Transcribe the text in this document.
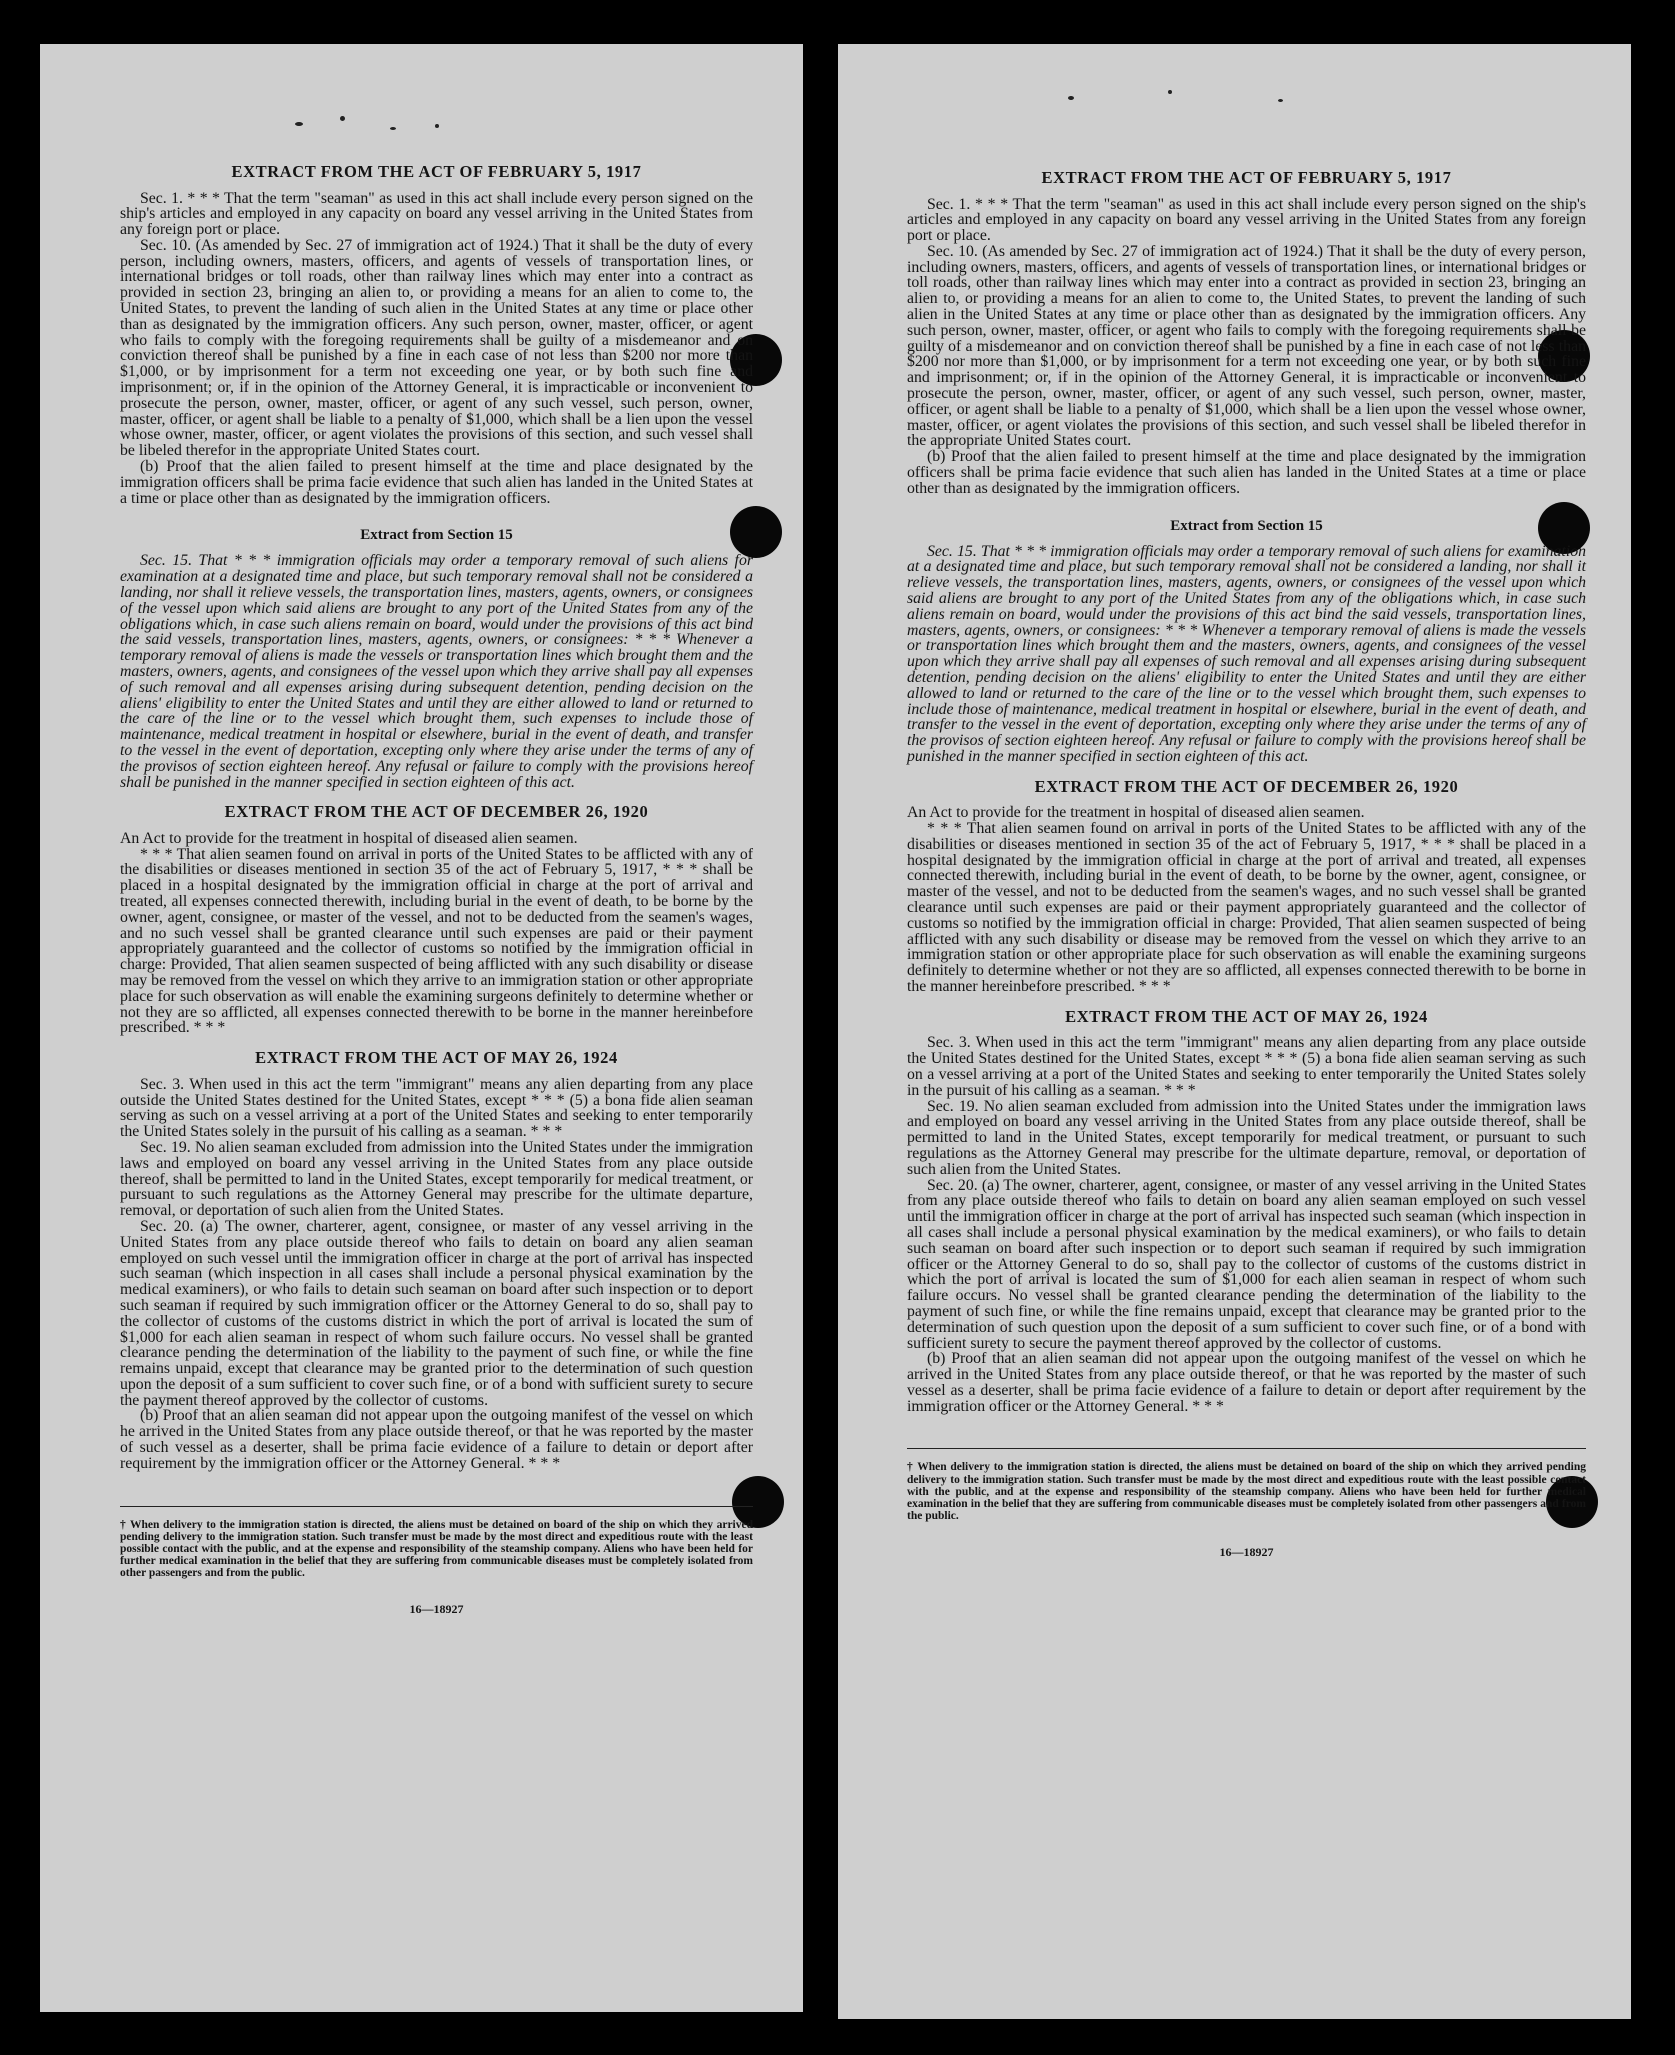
EXTRACT FROM THE ACT OF FEBRUARY 5, 1917

Sec. 1. * * * That the term "seaman" as used in this act shall include every person signed on the ship's articles and employed in any capacity on board any vessel arriving in the United States from any foreign port or place.

Sec. 10. (As amended by Sec. 27 of immigration act of 1924.) That it shall be the duty of every person, including owners, masters, officers, and agents of vessels of transportation lines, or international bridges or toll roads, other than railway lines which may enter into a contract as provided in section 23, bringing an alien to, or providing a means for an alien to come to, the United States, to prevent the landing of such alien in the United States at any time or place other than as designated by the immigration officers. Any such person, owner, master, officer, or agent who fails to comply with the foregoing requirements shall be guilty of a misdemeanor and on conviction thereof shall be punished by a fine in each case of not less than $200 nor more than $1,000, or by imprisonment for a term not exceeding one year, or by both such fine and imprisonment; or, if in the opinion of the Attorney General, it is impracticable or inconvenient to prosecute the person, owner, master, officer, or agent of any such vessel, such person, owner, master, officer, or agent shall be liable to a penalty of $1,000, which shall be a lien upon the vessel whose owner, master, officer, or agent violates the provisions of this section, and such vessel shall be libeled therefor in the appropriate United States court.

(b) Proof that the alien failed to present himself at the time and place designated by the immigration officers shall be prima facie evidence that such alien has landed in the United States at a time or place other than as designated by the immigration officers.

Extract from Section 15

Sec. 15. That * * * immigration officials may order a temporary removal of such aliens for examination at a designated time and place, but such temporary removal shall not be considered a landing, nor shall it relieve vessels, the transportation lines, masters, agents, owners, or consignees of the vessel upon which said aliens are brought to any port of the United States from any of the obligations which, in case such aliens remain on board, would under the provisions of this act bind the said vessels, transportation lines, masters, agents, owners, or consignees: * * * Whenever a temporary removal of aliens is made the vessels or transportation lines which brought them and the masters, owners, agents, and consignees of the vessel upon which they arrive shall pay all expenses of such removal and all expenses arising during subsequent detention, pending decision on the aliens' eligibility to enter the United States and until they are either allowed to land or returned to the care of the line or to the vessel which brought them, such expenses to include those of maintenance, medical treatment in hospital or elsewhere, burial in the event of death, and transfer to the vessel in the event of deportation, excepting only where they arise under the terms of any of the provisos of section eighteen hereof. Any refusal or failure to comply with the provisions hereof shall be punished in the manner specified in section eighteen of this act.

EXTRACT FROM THE ACT OF DECEMBER 26, 1920

An Act to provide for the treatment in hospital of diseased alien seamen.

* * * That alien seamen found on arrival in ports of the United States to be afflicted with any of the disabilities or diseases mentioned in section 35 of the act of February 5, 1917, * * * shall be placed in a hospital designated by the immigration official in charge at the port of arrival and treated, all expenses connected therewith, including burial in the event of death, to be borne by the owner, agent, consignee, or master of the vessel, and not to be deducted from the seamen's wages, and no such vessel shall be granted clearance until such expenses are paid or their payment appropriately guaranteed and the collector of customs so notified by the immigration official in charge: Provided, That alien seamen suspected of being afflicted with any such disability or disease may be removed from the vessel on which they arrive to an immigration station or other appropriate place for such observation as will enable the examining surgeons definitely to determine whether or not they are so afflicted, all expenses connected therewith to be borne in the manner hereinbefore prescribed. * * *

EXTRACT FROM THE ACT OF MAY 26, 1924

Sec. 3. When used in this act the term "immigrant" means any alien departing from any place outside the United States destined for the United States, except * * * (5) a bona fide alien seaman serving as such on a vessel arriving at a port of the United States and seeking to enter temporarily the United States solely in the pursuit of his calling as a seaman. * * *

Sec. 19. No alien seaman excluded from admission into the United States under the immigration laws and employed on board any vessel arriving in the United States from any place outside thereof, shall be permitted to land in the United States, except temporarily for medical treatment, or pursuant to such regulations as the Attorney General may prescribe for the ultimate departure, removal, or deportation of such alien from the United States.

Sec. 20. (a) The owner, charterer, agent, consignee, or master of any vessel arriving in the United States from any place outside thereof who fails to detain on board any alien seaman employed on such vessel until the immigration officer in charge at the port of arrival has inspected such seaman (which inspection in all cases shall include a personal physical examination by the medical examiners), or who fails to detain such seaman on board after such inspection or to deport such seaman if required by such immigration officer or the Attorney General to do so, shall pay to the collector of customs of the customs district in which the port of arrival is located the sum of $1,000 for each alien seaman in respect of whom such failure occurs. No vessel shall be granted clearance pending the determination of the liability to the payment of such fine, or while the fine remains unpaid, except that clearance may be granted prior to the determination of such question upon the deposit of a sum sufficient to cover such fine, or of a bond with sufficient surety to secure the payment thereof approved by the collector of customs.

(b) Proof that an alien seaman did not appear upon the outgoing manifest of the vessel on which he arrived in the United States from any place outside thereof, or that he was reported by the master of such vessel as a deserter, shall be prima facie evidence of a failure to detain or deport after requirement by the immigration officer or the Attorney General. * * *

† When delivery to the immigration station is directed, the aliens must be detained on board of the ship on which they arrived pending delivery to the immigration station. Such transfer must be made by the most direct and expeditious route with the least possible contact with the public, and at the expense and responsibility of the steamship company. Aliens who have been held for further medical examination in the belief that they are suffering from communicable diseases must be completely isolated from other passengers and from the public.
16—18927
EXTRACT FROM THE ACT OF FEBRUARY 5, 1917

Sec. 1. * * * That the term "seaman" as used in this act shall include every person signed on the ship's articles and employed in any capacity on board any vessel arriving in the United States from any foreign port or place.

Sec. 10. (As amended by Sec. 27 of immigration act of 1924.) That it shall be the duty of every person, including owners, masters, officers, and agents of vessels of transportation lines, or international bridges or toll roads, other than railway lines which may enter into a contract as provided in section 23, bringing an alien to, or providing a means for an alien to come to, the United States, to prevent the landing of such alien in the United States at any time or place other than as designated by the immigration officers. Any such person, owner, master, officer, or agent who fails to comply with the foregoing requirements shall be guilty of a misdemeanor and on conviction thereof shall be punished by a fine in each case of not less than $200 nor more than $1,000, or by imprisonment for a term not exceeding one year, or by both such fine and imprisonment; or, if in the opinion of the Attorney General, it is impracticable or inconvenient to prosecute the person, owner, master, officer, or agent of any such vessel, such person, owner, master, officer, or agent shall be liable to a penalty of $1,000, which shall be a lien upon the vessel whose owner, master, officer, or agent violates the provisions of this section, and such vessel shall be libeled therefor in the appropriate United States court.

(b) Proof that the alien failed to present himself at the time and place designated by the immigration officers shall be prima facie evidence that such alien has landed in the United States at a time or place other than as designated by the immigration officers.

Extract from Section 15

Sec. 15. That * * * immigration officials may order a temporary removal of such aliens for examination at a designated time and place, but such temporary removal shall not be considered a landing, nor shall it relieve vessels, the transportation lines, masters, agents, owners, or consignees of the vessel upon which said aliens are brought to any port of the United States from any of the obligations which, in case such aliens remain on board, would under the provisions of this act bind the said vessels, transportation lines, masters, agents, owners, or consignees: * * * Whenever a temporary removal of aliens is made the vessels or transportation lines which brought them and the masters, owners, agents, and consignees of the vessel upon which they arrive shall pay all expenses of such removal and all expenses arising during subsequent detention, pending decision on the aliens' eligibility to enter the United States and until they are either allowed to land or returned to the care of the line or to the vessel which brought them, such expenses to include those of maintenance, medical treatment in hospital or elsewhere, burial in the event of death, and transfer to the vessel in the event of deportation, excepting only where they arise under the terms of any of the provisos of section eighteen hereof. Any refusal or failure to comply with the provisions hereof shall be punished in the manner specified in section eighteen of this act.

EXTRACT FROM THE ACT OF DECEMBER 26, 1920

An Act to provide for the treatment in hospital of diseased alien seamen.

* * * That alien seamen found on arrival in ports of the United States to be afflicted with any of the disabilities or diseases mentioned in section 35 of the act of February 5, 1917, * * * shall be placed in a hospital designated by the immigration official in charge at the port of arrival and treated, all expenses connected therewith, including burial in the event of death, to be borne by the owner, agent, consignee, or master of the vessel, and not to be deducted from the seamen's wages, and no such vessel shall be granted clearance until such expenses are paid or their payment appropriately guaranteed and the collector of customs so notified by the immigration official in charge: Provided, That alien seamen suspected of being afflicted with any such disability or disease may be removed from the vessel on which they arrive to an immigration station or other appropriate place for such observation as will enable the examining surgeons definitely to determine whether or not they are so afflicted, all expenses connected therewith to be borne in the manner hereinbefore prescribed. * * *

EXTRACT FROM THE ACT OF MAY 26, 1924

Sec. 3. When used in this act the term "immigrant" means any alien departing from any place outside the United States destined for the United States, except * * * (5) a bona fide alien seaman serving as such on a vessel arriving at a port of the United States and seeking to enter temporarily the United States solely in the pursuit of his calling as a seaman. * * *

Sec. 19. No alien seaman excluded from admission into the United States under the immigration laws and employed on board any vessel arriving in the United States from any place outside thereof, shall be permitted to land in the United States, except temporarily for medical treatment, or pursuant to such regulations as the Attorney General may prescribe for the ultimate departure, removal, or deportation of such alien from the United States.

Sec. 20. (a) The owner, charterer, agent, consignee, or master of any vessel arriving in the United States from any place outside thereof who fails to detain on board any alien seaman employed on such vessel until the immigration officer in charge at the port of arrival has inspected such seaman (which inspection in all cases shall include a personal physical examination by the medical examiners), or who fails to detain such seaman on board after such inspection or to deport such seaman if required by such immigration officer or the Attorney General to do so, shall pay to the collector of customs of the customs district in which the port of arrival is located the sum of $1,000 for each alien seaman in respect of whom such failure occurs. No vessel shall be granted clearance pending the determination of the liability to the payment of such fine, or while the fine remains unpaid, except that clearance may be granted prior to the determination of such question upon the deposit of a sum sufficient to cover such fine, or of a bond with sufficient surety to secure the payment thereof approved by the collector of customs.

(b) Proof that an alien seaman did not appear upon the outgoing manifest of the vessel on which he arrived in the United States from any place outside thereof, or that he was reported by the master of such vessel as a deserter, shall be prima facie evidence of a failure to detain or deport after requirement by the immigration officer or the Attorney General. * * *

† When delivery to the immigration station is directed, the aliens must be detained on board of the ship on which they arrived pending delivery to the immigration station. Such transfer must be made by the most direct and expeditious route with the least possible contact with the public, and at the expense and responsibility of the steamship company. Aliens who have been held for further medical examination in the belief that they are suffering from communicable diseases must be completely isolated from other passengers and from the public.
16—18927
